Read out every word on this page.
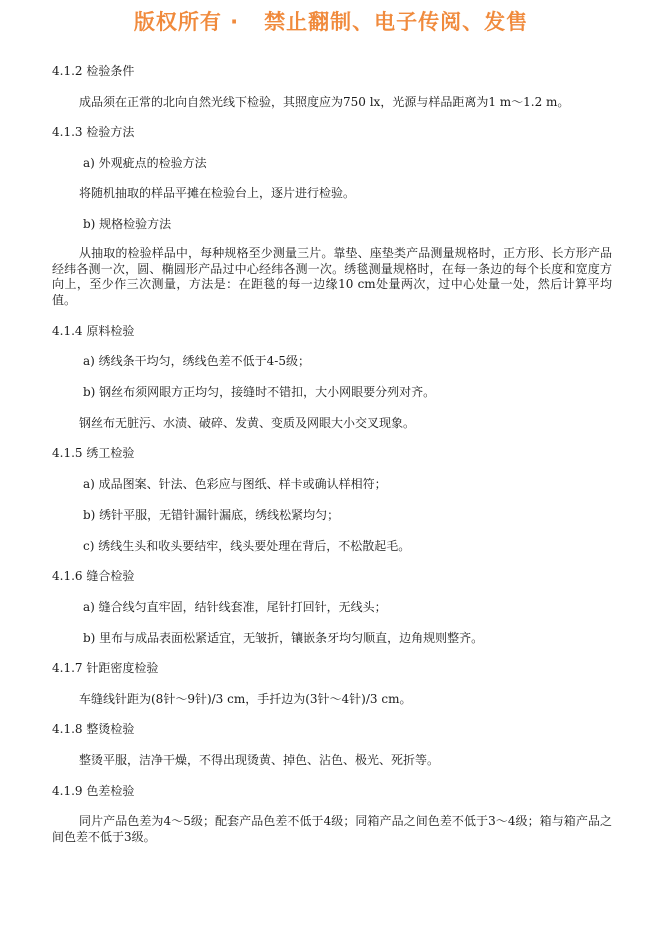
版权所有 ·   禁止翻制、电子传阅、发售
4.1.2 检验条件
成品须在正常的北向自然光线下检验，其照度应为750 lx，光源与样品距离为1 m～1.2 m。
4.1.3 检验方法
a) 外观疵点的检验方法
将随机抽取的样品平摊在检验台上，逐片进行检验。
b) 规格检验方法
从抽取的检验样品中，每种规格至少测量三片。靠垫、座垫类产品测量规格时，正方形、长方形产品经纬各测一次，圆、椭圆形产品过中心经纬各测一次。绣毯测量规格时，在每一条边的每个长度和宽度方向上，至少作三次测量，方法是：在距毯的每一边缘10 cm处量两次，过中心处量一处，然后计算平均值。
4.1.4 原料检验
a) 绣线条干均匀，绣线色差不低于4-5级；
b) 钢丝布须网眼方正均匀，接缝时不错扣，大小网眼要分列对齐。
钢丝布无脏污、水渍、破碎、发黄、变质及网眼大小交叉现象。
4.1.5 绣工检验
a) 成品图案、针法、色彩应与图纸、样卡或确认样相符；
b) 绣针平服，无错针漏针漏底，绣线松紧均匀；
c) 绣线生头和收头要结牢，线头要处理在背后，不松散起毛。
4.1.6 缝合检验
a) 缝合线匀直牢固，结针线套准，尾针打回针，无线头；
b) 里布与成品表面松紧适宜，无皱折，镶嵌条牙均匀顺直，边角规则整齐。
4.1.7 针距密度检验
车缝线针距为(8针～9针)/3 cm，手扦边为(3针～4针)/3 cm。
4.1.8 整烫检验
整烫平服，洁净干燥，不得出现烫黄、掉色、沾色、极光、死折等。
4.1.9 色差检验
同片产品色差为4～5级；配套产品色差不低于4级；同箱产品之间色差不低于3～4级；箱与箱产品之间色差不低于3级。
